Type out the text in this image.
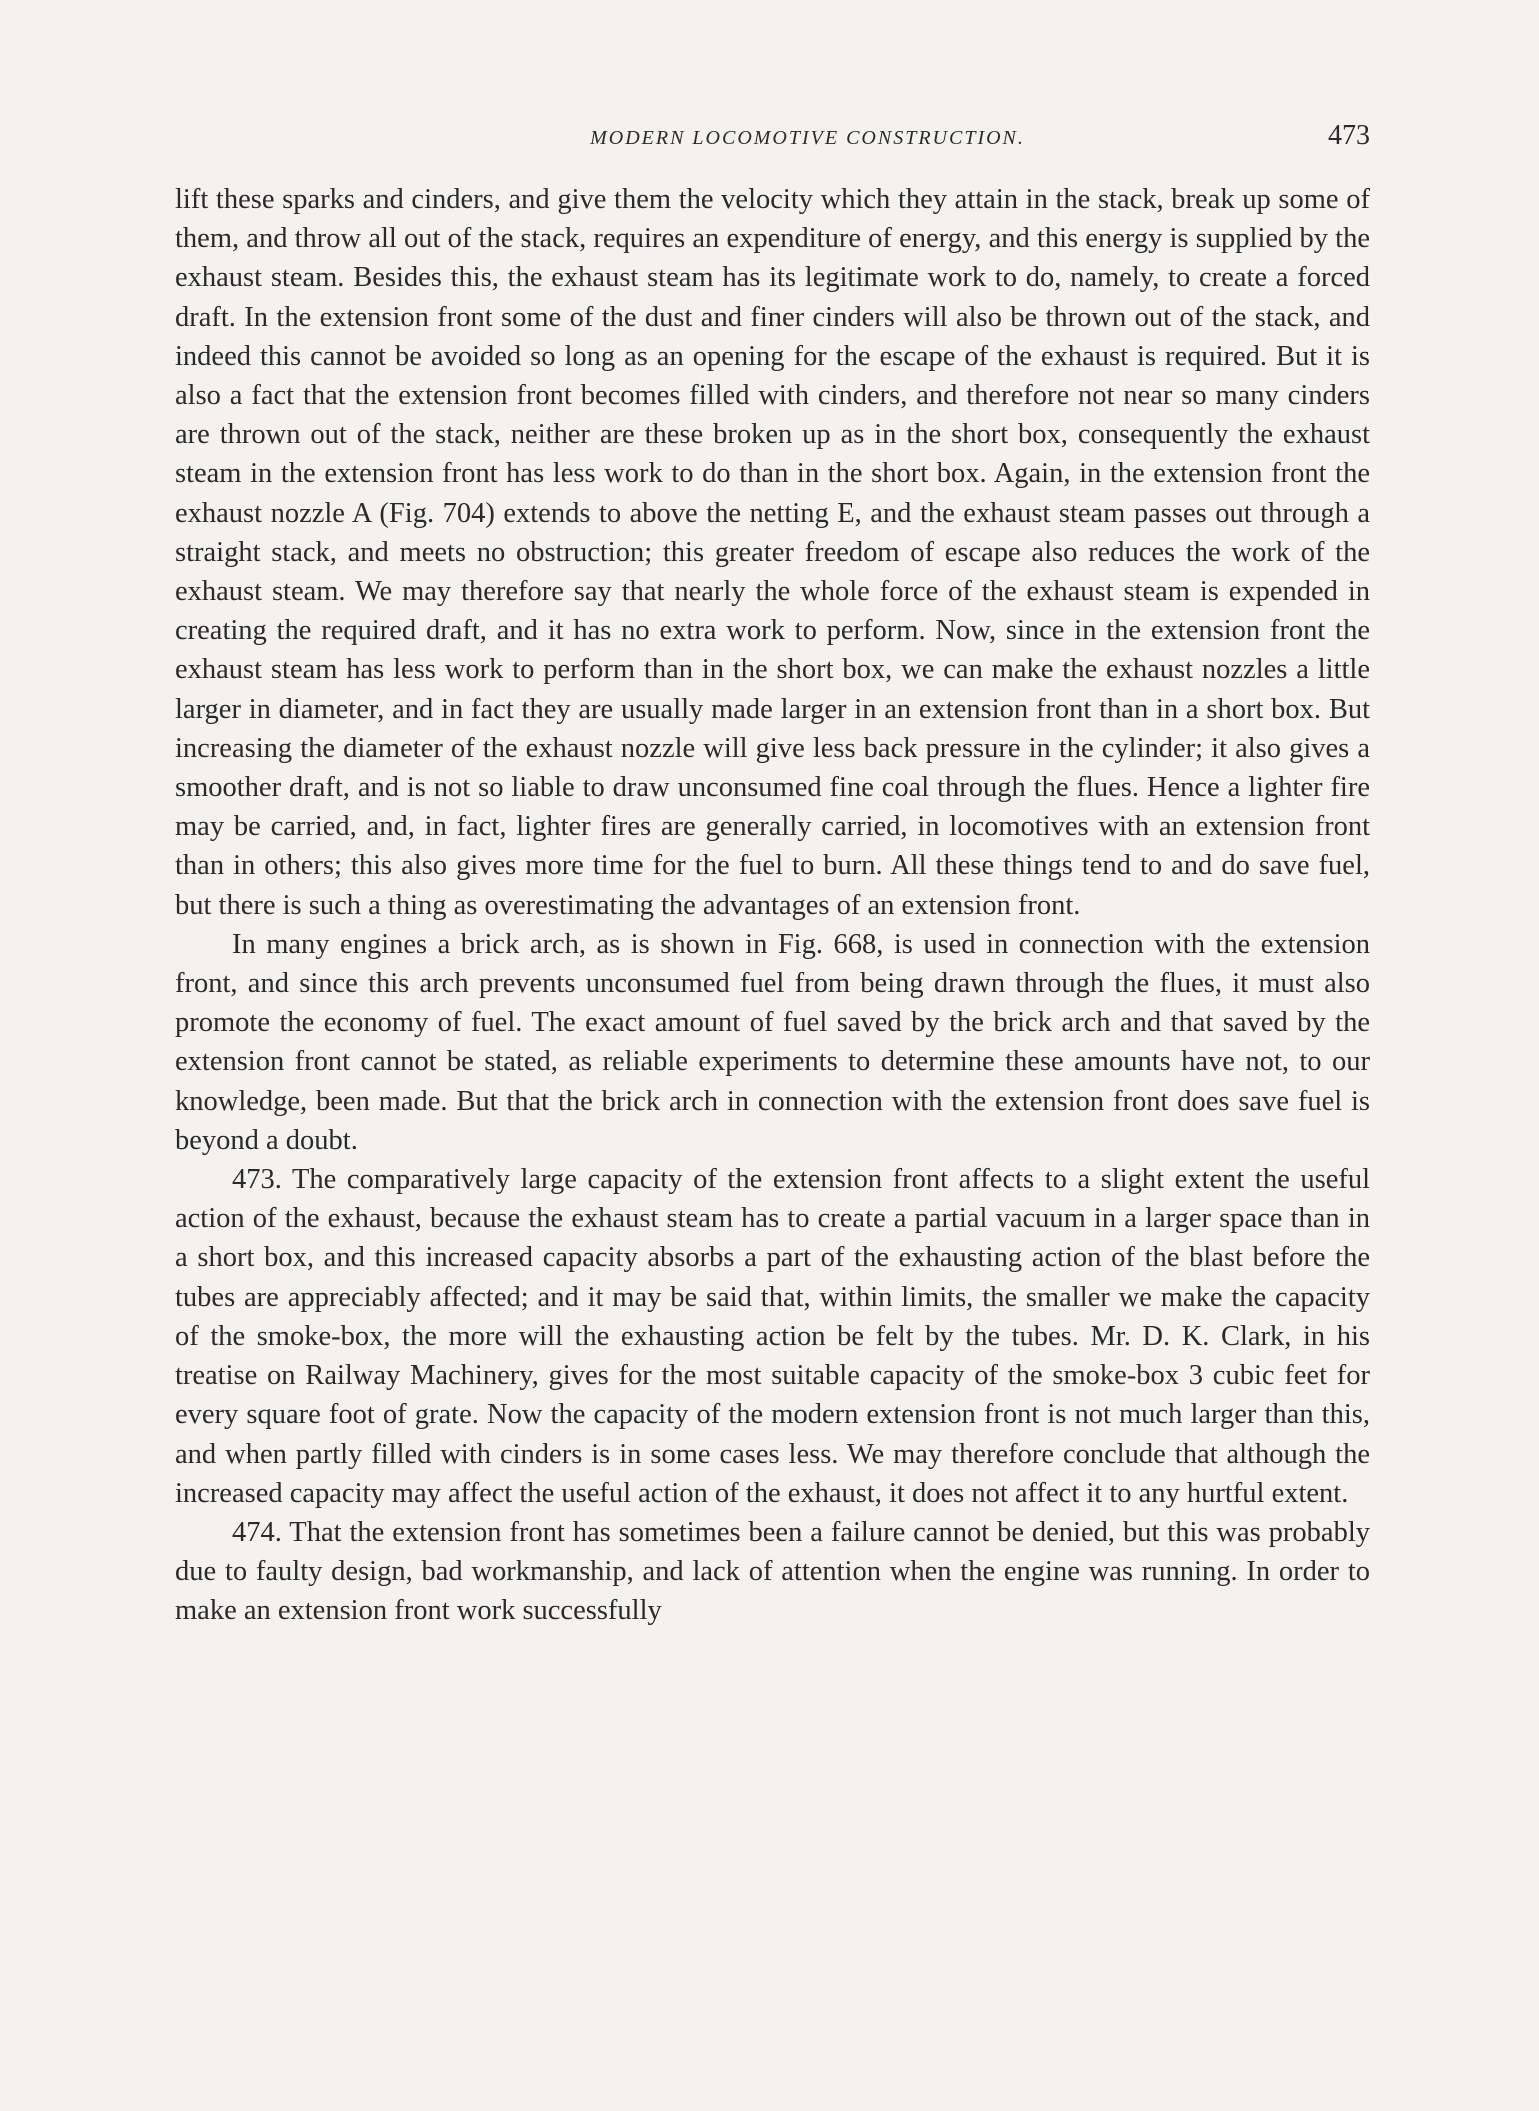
MODERN LOCOMOTIVE CONSTRUCTION.	473

lift these sparks and cinders, and give them the velocity which they attain in the stack, break up some of them, and throw all out of the stack, requires an expenditure of energy, and this energy is supplied by the exhaust steam. Besides this, the exhaust steam has its legitimate work to do, namely, to create a forced draft. In the extension front some of the dust and finer cinders will also be thrown out of the stack, and indeed this cannot be avoided so long as an opening for the escape of the exhaust is required. But it is also a fact that the extension front becomes filled with cinders, and therefore not near so many cinders are thrown out of the stack, neither are these broken up as in the short box, consequently the exhaust steam in the extension front has less work to do than in the short box. Again, in the extension front the exhaust nozzle A (Fig. 704) extends to above the netting E, and the exhaust steam passes out through a straight stack, and meets no obstruction; this greater freedom of escape also reduces the work of the exhaust steam. We may therefore say that nearly the whole force of the exhaust steam is expended in creating the required draft, and it has no extra work to perform. Now, since in the extension front the exhaust steam has less work to perform than in the short box, we can make the exhaust nozzles a little larger in diameter, and in fact they are usually made larger in an extension front than in a short box. But increasing the diameter of the exhaust nozzle will give less back pressure in the cylinder; it also gives a smoother draft, and is not so liable to draw unconsumed fine coal through the flues. Hence a lighter fire may be carried, and, in fact, lighter fires are generally carried, in locomotives with an extension front than in others; this also gives more time for the fuel to burn. All these things tend to and do save fuel, but there is such a thing as overestimating the advantages of an extension front.

In many engines a brick arch, as is shown in Fig. 668, is used in connection with the extension front, and since this arch prevents unconsumed fuel from being drawn through the flues, it must also promote the economy of fuel. The exact amount of fuel saved by the brick arch and that saved by the extension front cannot be stated, as reliable experiments to determine these amounts have not, to our knowledge, been made. But that the brick arch in connection with the extension front does save fuel is beyond a doubt.

473. The comparatively large capacity of the extension front affects to a slight extent the useful action of the exhaust, because the exhaust steam has to create a partial vacuum in a larger space than in a short box, and this increased capacity absorbs a part of the exhausting action of the blast before the tubes are appreciably affected; and it may be said that, within limits, the smaller we make the capacity of the smoke-box, the more will the exhausting action be felt by the tubes. Mr. D. K. Clark, in his treatise on Railway Machinery, gives for the most suitable capacity of the smoke-box 3 cubic feet for every square foot of grate. Now the capacity of the modern extension front is not much larger than this, and when partly filled with cinders is in some cases less. We may therefore conclude that although the increased capacity may affect the useful action of the exhaust, it does not affect it to any hurtful extent.

474. That the extension front has sometimes been a failure cannot be denied, but this was probably due to faulty design, bad workmanship, and lack of attention when the engine was running. In order to make an extension front work successfully
